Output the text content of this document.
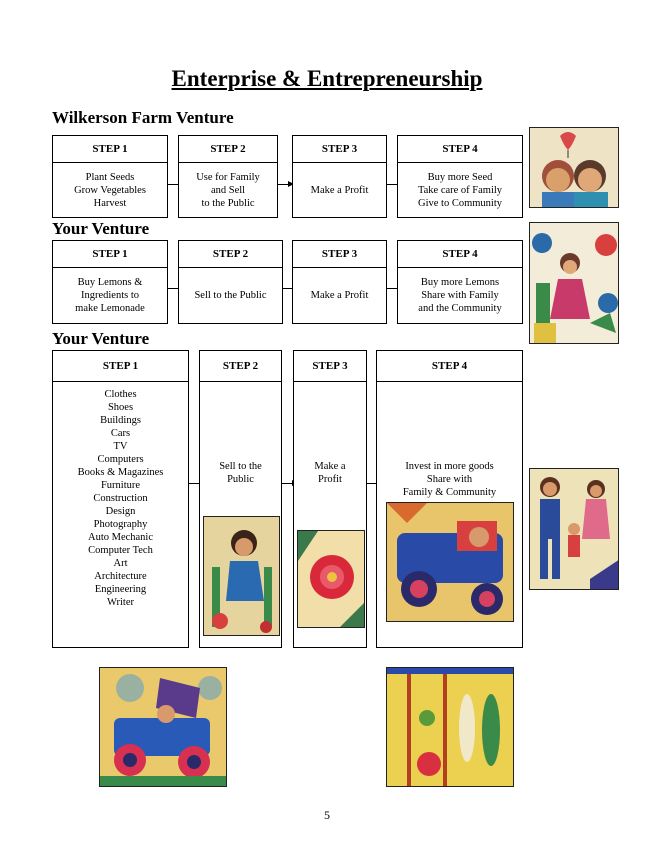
Enterprise & Entrepreneurship
Wilkerson Farm Venture
STEP 1
Plant Seeds
Grow Vegetables
Harvest
STEP 2
Use for Family
and Sell
to the Public
STEP 3
Make a Profit
STEP 4
Buy more Seed
Take care of Family
Give to Community
Your Venture
STEP 1
Buy Lemons &
Ingredients to
make Lemonade
STEP 2
Sell to the Public
STEP 3
Make a Profit
STEP 4
Buy more Lemons
Share with Family
and the Community
Your Venture
STEP 1
Clothes
Shoes
Buildings
Cars
TV
Computers
Books & Magazines
Furniture
Construction
Design
Photography
Auto Mechanic
Computer Tech
Art
Architecture
Engineering
Writer
STEP 2
Sell to the
Public
STEP 3
Make a
Profit
STEP 4
Invest in more goods
Share with
Family & Community
5
